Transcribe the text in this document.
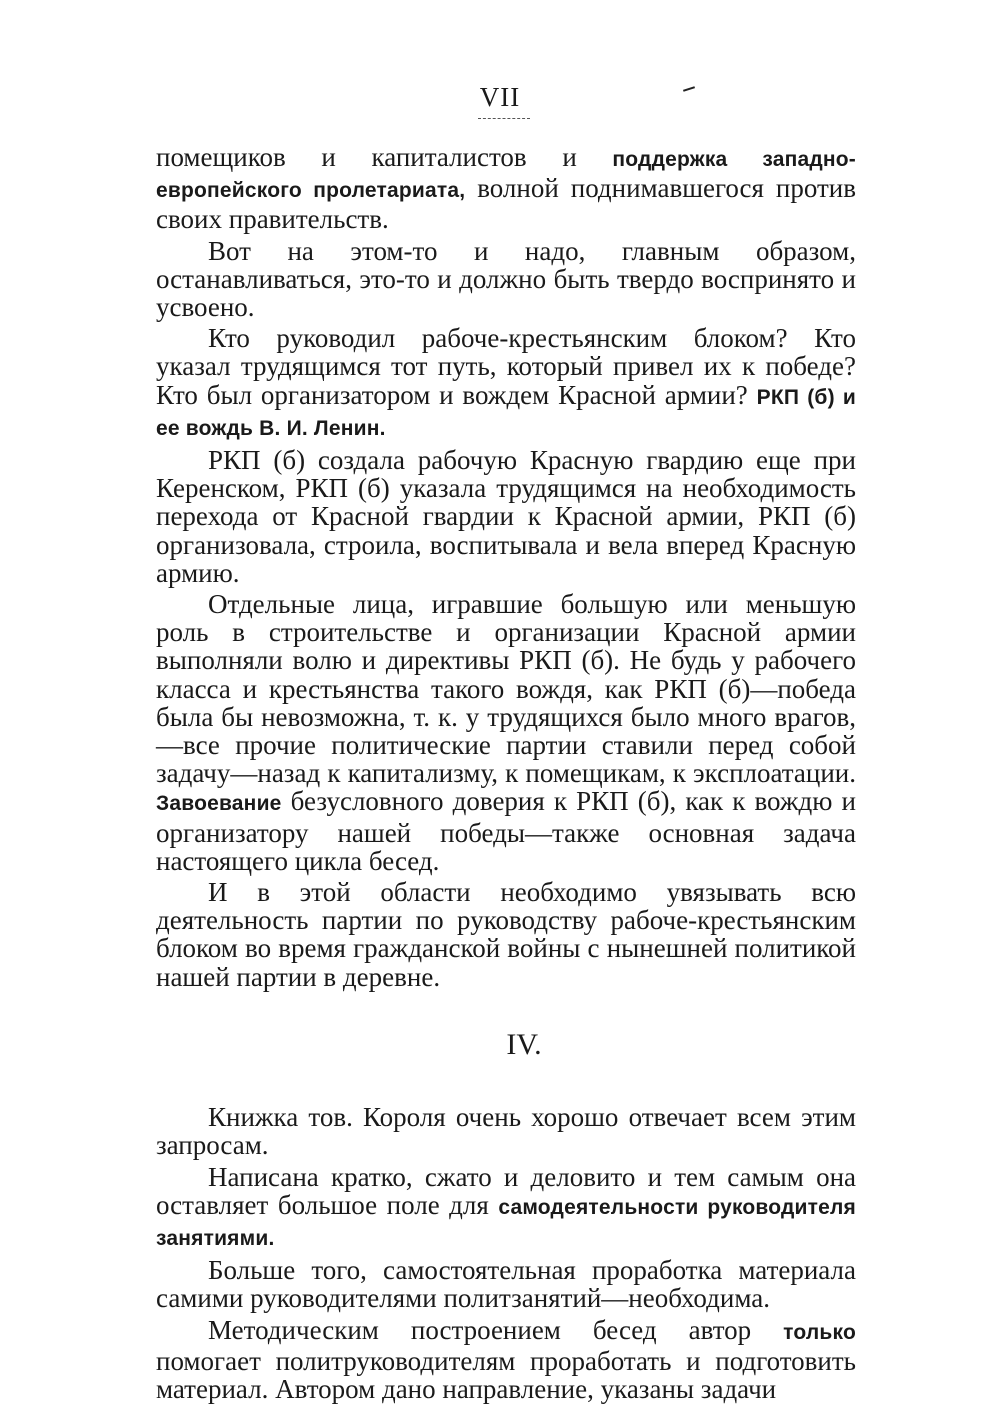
VII

помещиков и капиталистов и поддержка западно-европейского пролетариата, волной поднимавшегося против своих правительств.

Вот на этом-то и надо, главным образом, останавливаться, это-то и должно быть твердо воспринято и усвоено.

Кто руководил рабоче-крестьянским блоком? Кто указал трудящимся тот путь, который привел их к победе? Кто был организатором и вождем Красной армии? РКП (б) и ее вождь В. И. Ленин.

РКП (б) создала рабочую Красную гвардию еще при Керенском, РКП (б) указала трудящимся на необходимость перехода от Красной гвардии к Красной армии, РКП (б) организовала, строила, воспитывала и вела вперед Красную армию.

Отдельные лица, игравшие большую или меньшую роль в строительстве и организации Красной армии выполняли волю и директивы РКП (б). Не будь у рабочего класса и крестьянства такого вождя, как РКП (б)—победа была бы невозможна, т. к. у трудящихся было много врагов,—все прочие политические партии ставили перед собой задачу—назад к капитализму, к помещикам, к эксплоатации. Завоевание безусловного доверия к РКП (б), как к вождю и организатору нашей победы—также основная задача настоящего цикла бесед.

И в этой области необходимо увязывать всю деятельность партии по руководству рабоче-крестьянским блоком во время гражданской войны с нынешней политикой нашей партии в деревне.

IV.

Книжка тов. Короля очень хорошо отвечает всем этим запросам.

Написана кратко, сжато и деловито и тем самым она оставляет большое поле для самодеятельности руководителя занятиями.

Больше того, самостоятельная проработка материала самими руководителями политзанятий—необходима.

Методическим построением бесед автор только помогает политруководителям проработать и подготовить материал. Автором дано направление, указаны задачи
